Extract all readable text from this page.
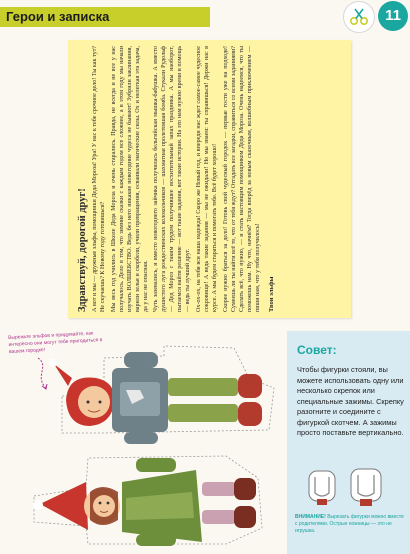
Герои и записка	11
Здравствуй, дорогой друг! А вот и мы — дружные эльфы, помощники Деда Мороза! Ура! У нас к тебе срочное дело! Ты как тут? Не скучаешь? К Новому году готовишься? Мы весь год учились в Школе Деда Мороза и очень старались. Правда, не всегда и не все у нас получалось. Дело в том, что зимние сказки с каждым годом все сложнее, а в этом году мы начали изучать ВОЛШЕБСТВО. Ведь без него никакие новогодние чудеса не бывают! Зубрили заклинания, варили зелья и скорбели, учили превращения, осваивали магические силы. Ох и нелегкая эта задача, да у нас не опасная. Чуть зазевались, и вместо новогоднего зайчика получилась бельгийская мышка-бабушка. А вместо душистого луга рождественских колокольчиков — шахматная пролетевшая бомба. Стукали Рудольф — Дед Мороз с таким трудом получившее восхитительный запах праздника. А мы наоборот, пытаемся найти решение — вот такие задания, вот такие истории. На это нам нужно время и помощь — ведь ты лучший друг. Ох-ох-ох, на тебя вся наша надежда! Скоро же Новый год, и впереди нас ждет самое-самое чудесное сокровище! А ведь такие задания — мы не ожидали! Но мы знаем: ты справишься! Держи нас в курсе. А мы будем стараться и помогать тебе. Всё будет хорошо! Скорее нужно браться за дело! Готовь свой чудесный городок — первые гости уже на подходе! Сумеешь ли ты найти всё то, что от тебя ждут? Отгадать все загадки, справиться со всеми заданиями? Сделать всё, что нужно, — и стать настоящим помощником Деда Мороза. Очень надеемся, что ты поможешь нам. Ну что, начнём? Тогда вперёд за новым сказочным, волшебным приключением — пиши нам, что у тебя получилось! Твои эльфы
Вырежьте эльфов и придумайте, как интересно они могут тебе пригодиться в вашем городке!	Совет:
Чтобы фигурки стояли, вы можете использовать одну или несколько скрепок или специальные зажимы. Скрепку разогните и соедините с фигуркой скотчем. А зажимы просто поставьте вертикально.
ВНИМАНИЕ! Вырезать фигурки можно вместе с родителями. Острые ножницы — это не игрушка.
